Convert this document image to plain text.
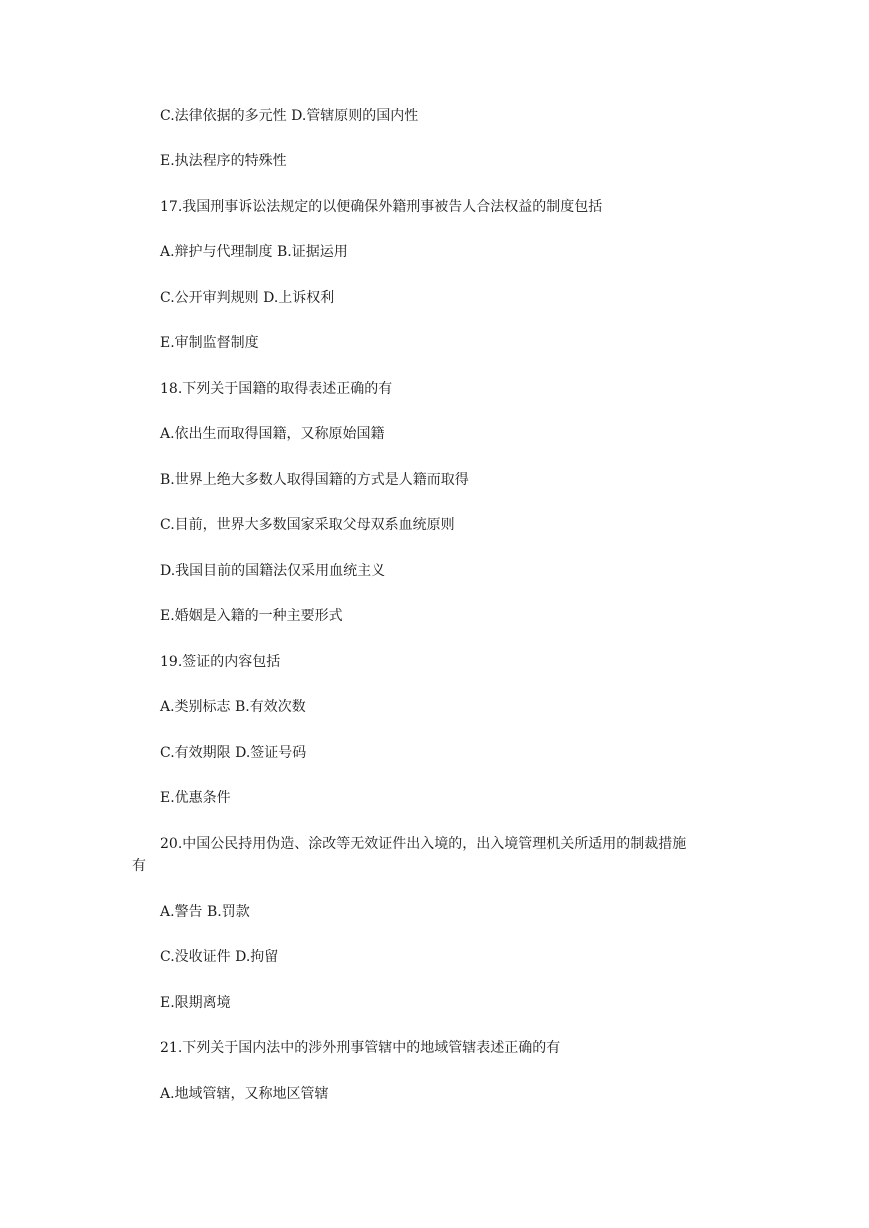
C.法律依据的多元性 D.管辖原则的国内性
E.执法程序的特殊性
17.我国刑事诉讼法规定的以便确保外籍刑事被告人合法权益的制度包括
A.辩护与代理制度 B.证据运用
C.公开审判规则 D.上诉权利
E.审制监督制度
18.下列关于国籍的取得表述正确的有
A.依出生而取得国籍，又称原始国籍
B.世界上绝大多数人取得国籍的方式是人籍而取得
C.目前，世界大多数国家采取父母双系血统原则
D.我国目前的国籍法仅采用血统主义
E.婚姻是入籍的一种主要形式
19.签证的内容包括
A.类别标志 B.有效次数
C.有效期限 D.签证号码
E.优惠条件
20.中国公民持用伪造、涂改等无效证件出入境的，出入境管理机关所适用的制裁措施
有
A.警告 B.罚款
C.没收证件 D.拘留
E.限期离境
21.下列关于国内法中的涉外刑事管辖中的地域管辖表述正确的有
A.地域管辖，又称地区管辖
